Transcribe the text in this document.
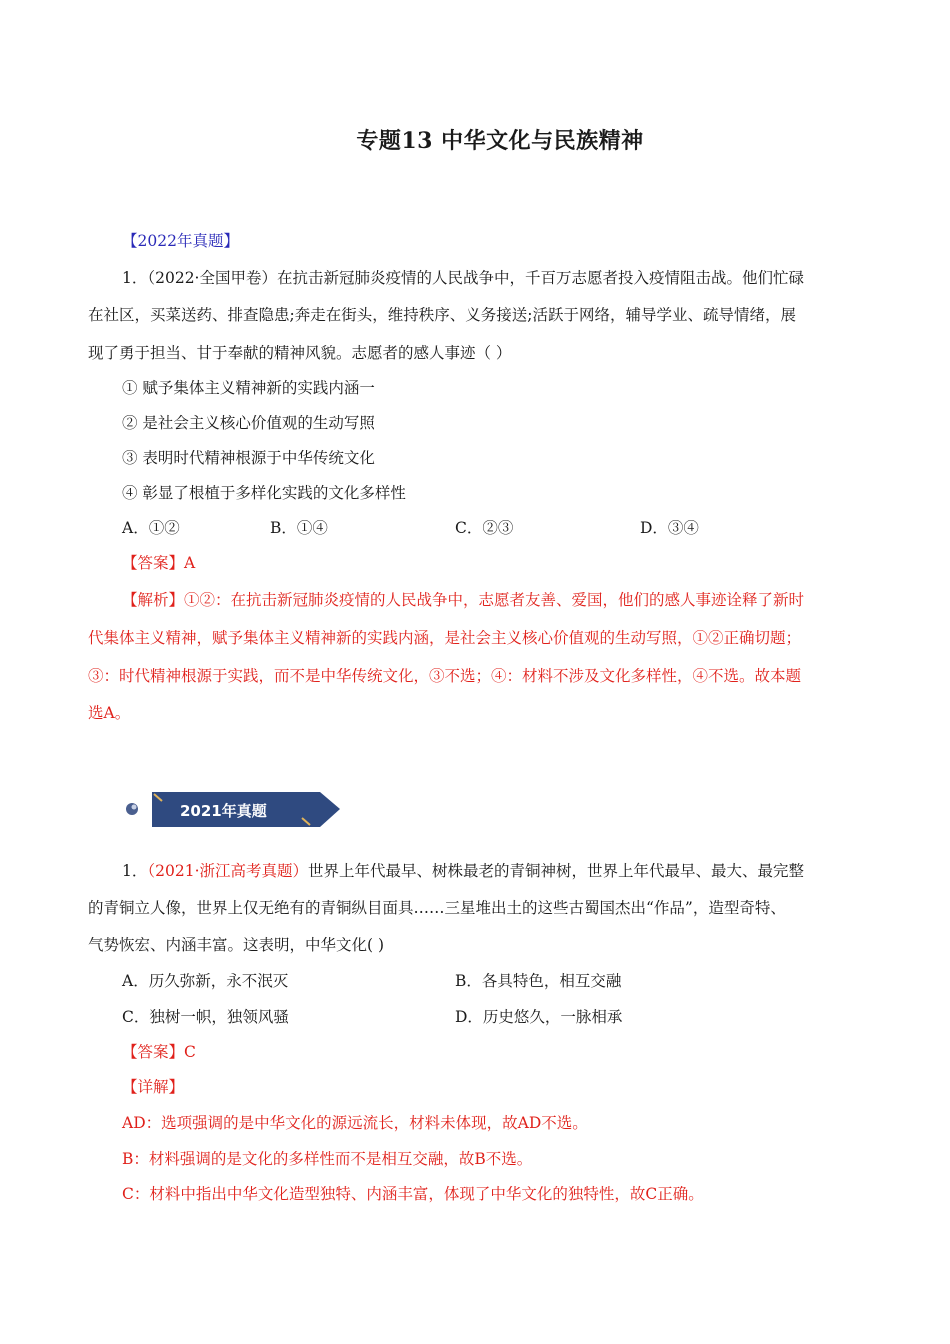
专题13 中华文化与民族精神
【2022年真题】
1．（2022·全国甲卷）在抗击新冠肺炎疫情的人民战争中，千百万志愿者投入疫情阻击战。他们忙碌
在社区，买菜送药、排查隐患;奔走在街头，维持秩序、义务接送;活跃于网络，辅导学业、疏导情绪，展
现了勇于担当、甘于奉献的精神风貌。志愿者的感人事迹（ ）
① 赋予集体主义精神新的实践内涵一
② 是社会主义核心价值观的生动写照
③ 表明时代精神根源于中华传统文化
④ 彰显了根植于多样化实践的文化多样性
A．①②	B．①④	C．②③	D．③④
【答案】A
【解析】①②：在抗击新冠肺炎疫情的人民战争中，志愿者友善、爱国，他们的感人事迹诠释了新时
代集体主义精神，赋予集体主义精神新的实践内涵，是社会主义核心价值观的生动写照，①②正确切题；
③：时代精神根源于实践，而不是中华传统文化，③不选；④：材料不涉及文化多样性，④不选。故本题
选A。
2021年真题
1．（2021·浙江高考真题）世界上年代最早、树株最老的青铜神树，世界上年代最早、最大、最完整
的青铜立人像，世界上仅无绝有的青铜纵目面具……三星堆出土的这些古蜀国杰出“作品”，造型奇特、
气势恢宏、内涵丰富。这表明，中华文化( )
A．历久弥新，永不泯灭	B．各具特色，相互交融
C．独树一帜，独领风骚	D．历史悠久，一脉相承
【答案】C
【详解】
AD：选项强调的是中华文化的源远流长，材料未体现，故AD不选。
B：材料强调的是文化的多样性而不是相互交融，故B不选。
C：材料中指出中华文化造型独特、内涵丰富，体现了中华文化的独特性，故C正确。
